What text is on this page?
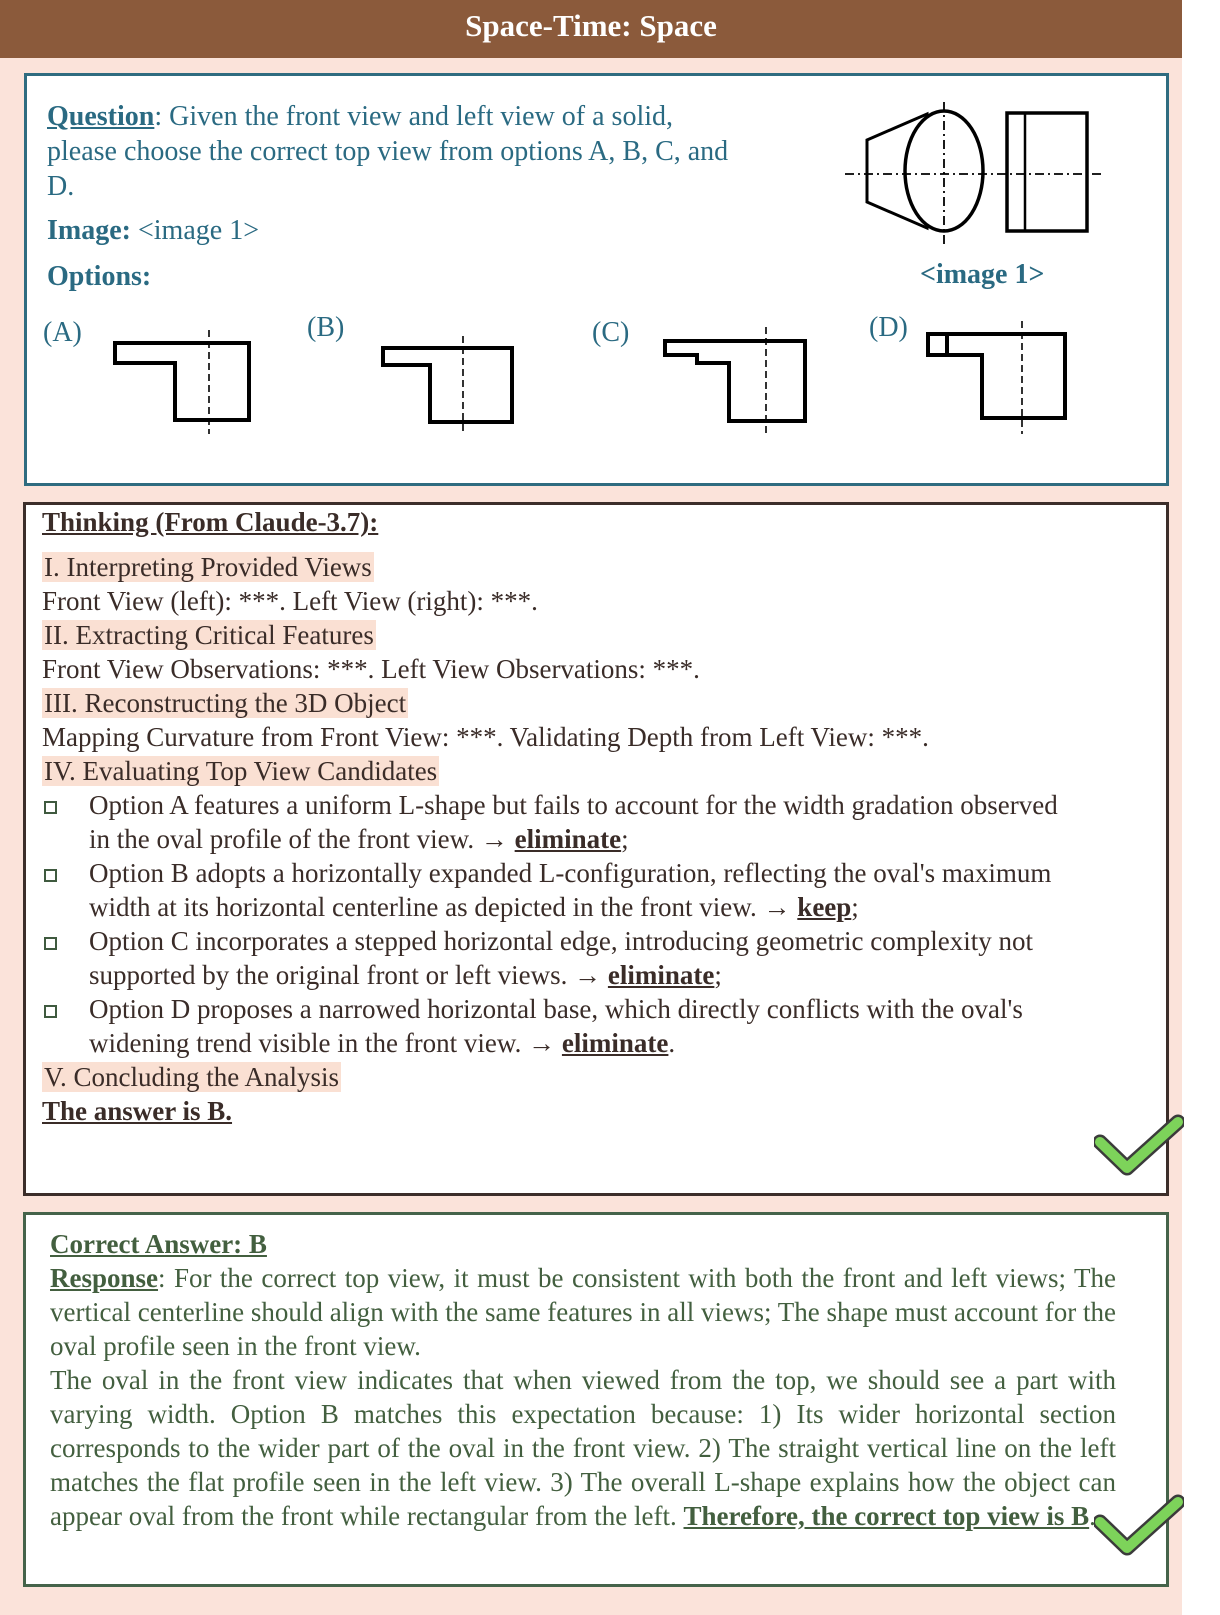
Space-Time: Space
Question: Given the front view and left view of a solid,
please choose the correct top view from options A, B, C, and
D.
Image: <image 1>
Options:	<image 1>
(A)	(B)	(C)	(D)
Thinking (From Claude-3.7):
I. Interpreting Provided Views
Front View (left): ***. Left View (right): ***.
II. Extracting Critical Features
Front View Observations: ***. Left View Observations: ***.
III. Reconstructing the 3D Object
Mapping Curvature from Front View: ***. Validating Depth from Left View: ***.
IV. Evaluating Top View Candidates
Option A features a uniform L-shape but fails to account for the width gradation observed
in the oval profile of the front view. → eliminate;
Option B adopts a horizontally expanded L-configuration, reflecting the oval's maximum
width at its horizontal centerline as depicted in the front view. → keep;
Option C incorporates a stepped horizontal edge, introducing geometric complexity not
supported by the original front or left views. → eliminate;
Option D proposes a narrowed horizontal base, which directly conflicts with the oval's
widening trend visible in the front view. → eliminate.
V. Concluding the Analysis
The answer is B.
Correct Answer: B
Response: For the correct top view, it must be consistent with both the front and left views; The vertical centerline should align with the same features in all views; The shape must account for the oval profile seen in the front view.
The oval in the front view indicates that when viewed from the top, we should see a part with varying width. Option B matches this expectation because: 1) Its wider horizontal section corresponds to the wider part of the oval in the front view. 2) The straight vertical line on the left matches the flat profile seen in the left view. 3) The overall L-shape explains how the object can appear oval from the front while rectangular from the left. Therefore, the correct top view is B.
